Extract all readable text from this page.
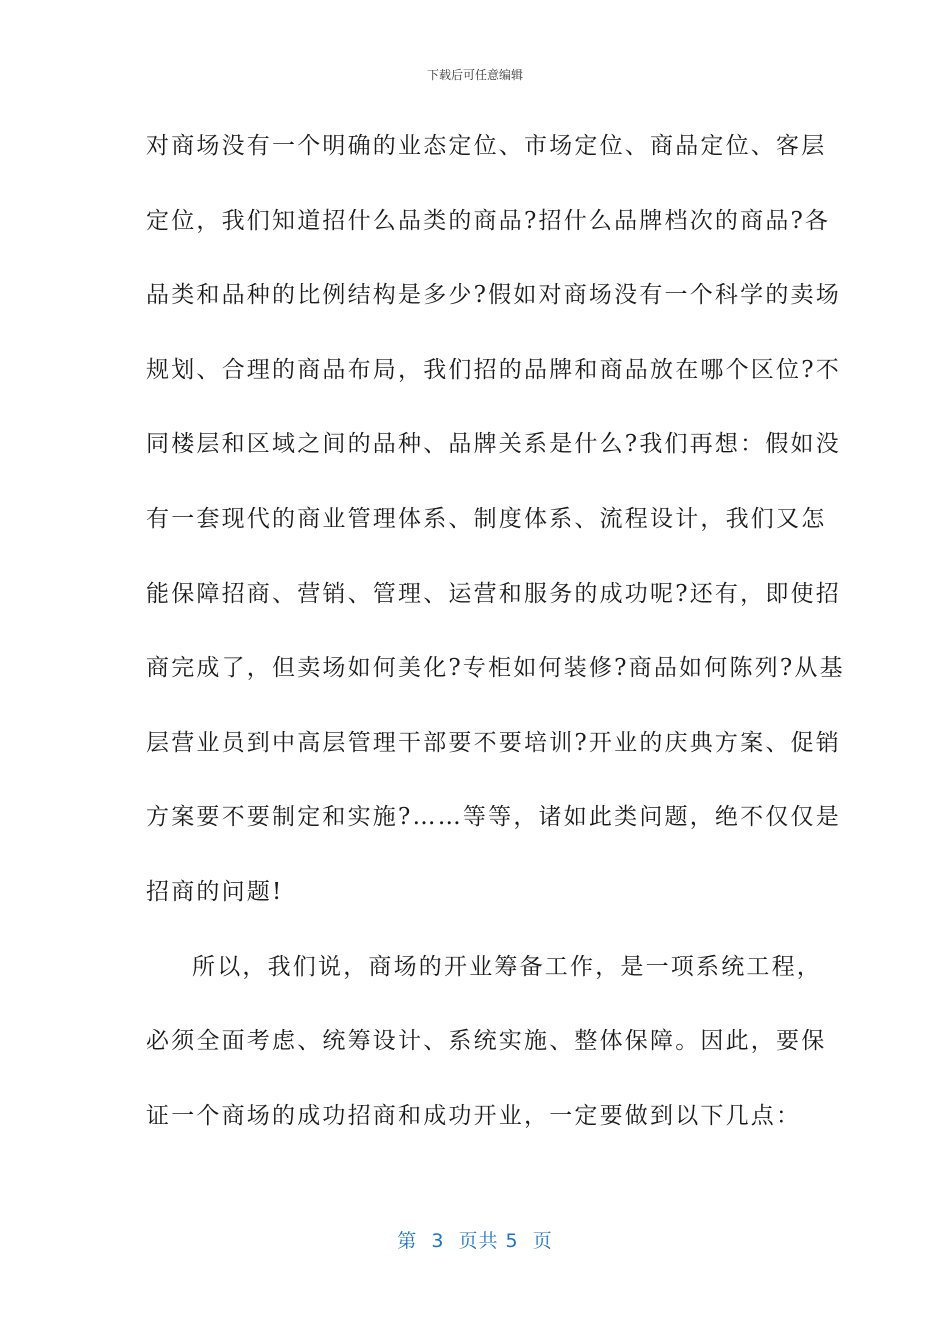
下载后可任意编辑
对商场没有一个明确的业态定位、市场定位、商品定位、客层
定位，我们知道招什么品类的商品?招什么品牌档次的商品?各
品类和品种的比例结构是多少?假如对商场没有一个科学的卖场
规划、合理的商品布局，我们招的品牌和商品放在哪个区位?不
同楼层和区域之间的品种、品牌关系是什么?我们再想：假如没
有一套现代的商业管理体系、制度体系、流程设计，我们又怎
能保障招商、营销、管理、运营和服务的成功呢?还有，即使招
商完成了，但卖场如何美化?专柜如何装修?商品如何陈列?从基
层营业员到中高层管理干部要不要培训?开业的庆典方案、促销
方案要不要制定和实施?……等等，诸如此类问题，绝不仅仅是
招商的问题!
所以，我们说，商场的开业筹备工作，是一项系统工程，
必须全面考虑、统筹设计、系统实施、整体保障。因此，要保
证一个商场的成功招商和成功开业，一定要做到以下几点：
第  3  页共 5  页
